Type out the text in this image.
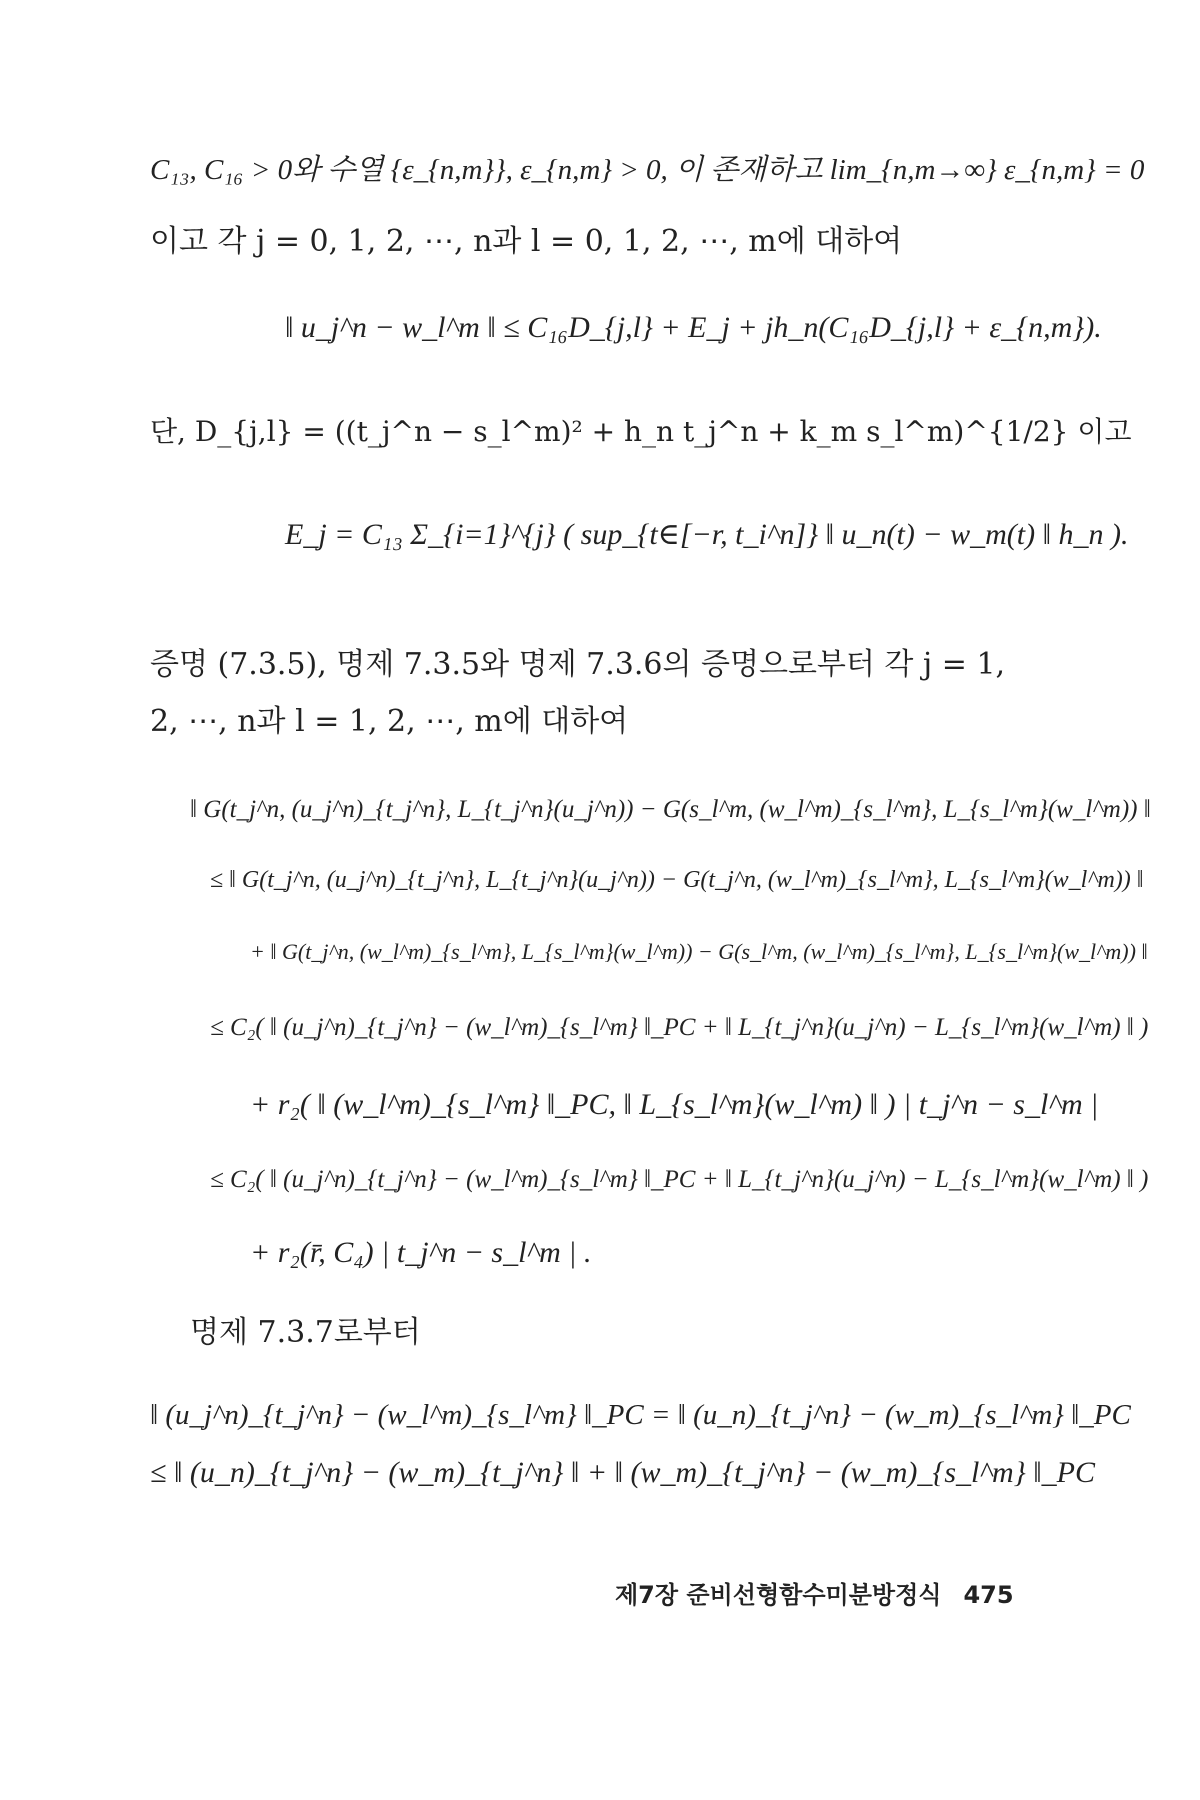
C₁₃, C₁₆ > 0와 수열 {ε_{n,m}}, ε_{n,m} > 0, 이 존재하고 lim_{n,m→∞} ε_{n,m} = 0
이고 각 j = 0, 1, 2, ⋯, n과 l = 0, 1, 2, ⋯, m에 대하여
‖ u_j^n − w_l^m ‖ ≤ C₁₆D_{j,l} + E_j + jh_n(C₁₆D_{j,l} + ε_{n,m}).
단, D_{j,l} = ((t_j^n − s_l^m)² + h_n t_j^n + k_m s_l^m)^{1/2} 이고
E_j = C₁₃ Σ_{i=1}^{j} ( sup_{t∈[−r, t_i^n]} ‖ u_n(t) − w_m(t) ‖ h_n ).
증명 (7.3.5), 명제 7.3.5와 명제 7.3.6의 증명으로부터 각 j = 1,
2, ⋯, n과 l = 1, 2, ⋯, m에 대하여
‖ G(t_j^n, (u_j^n)_{t_j^n}, L_{t_j^n}(u_j^n)) − G(s_l^m, (w_l^m)_{s_l^m}, L_{s_l^m}(w_l^m)) ‖
≤ ‖ G(t_j^n, (u_j^n)_{t_j^n}, L_{t_j^n}(u_j^n)) − G(t_j^n, (w_l^m)_{s_l^m}, L_{s_l^m}(w_l^m)) ‖
+ ‖ G(t_j^n, (w_l^m)_{s_l^m}, L_{s_l^m}(w_l^m)) − G(s_l^m, (w_l^m)_{s_l^m}, L_{s_l^m}(w_l^m)) ‖
≤ C₂( ‖ (u_j^n)_{t_j^n} − (w_l^m)_{s_l^m} ‖_PC + ‖ L_{t_j^n}(u_j^n) − L_{s_l^m}(w_l^m) ‖ )
+ r₂( ‖ (w_l^m)_{s_l^m} ‖_PC, ‖ L_{s_l^m}(w_l^m) ‖ ) | t_j^n − s_l^m |
≤ C₂( ‖ (u_j^n)_{t_j^n} − (w_l^m)_{s_l^m} ‖_PC + ‖ L_{t_j^n}(u_j^n) − L_{s_l^m}(w_l^m) ‖ )
+ r₂(r̄, C₄) | t_j^n − s_l^m | .
명제 7.3.7로부터
‖ (u_j^n)_{t_j^n} − (w_l^m)_{s_l^m} ‖_PC = ‖ (u_n)_{t_j^n} − (w_m)_{s_l^m} ‖_PC
≤ ‖ (u_n)_{t_j^n} − (w_m)_{t_j^n} ‖ + ‖ (w_m)_{t_j^n} − (w_m)_{s_l^m} ‖_PC
제7장 준비선형함수미분방정식 475
